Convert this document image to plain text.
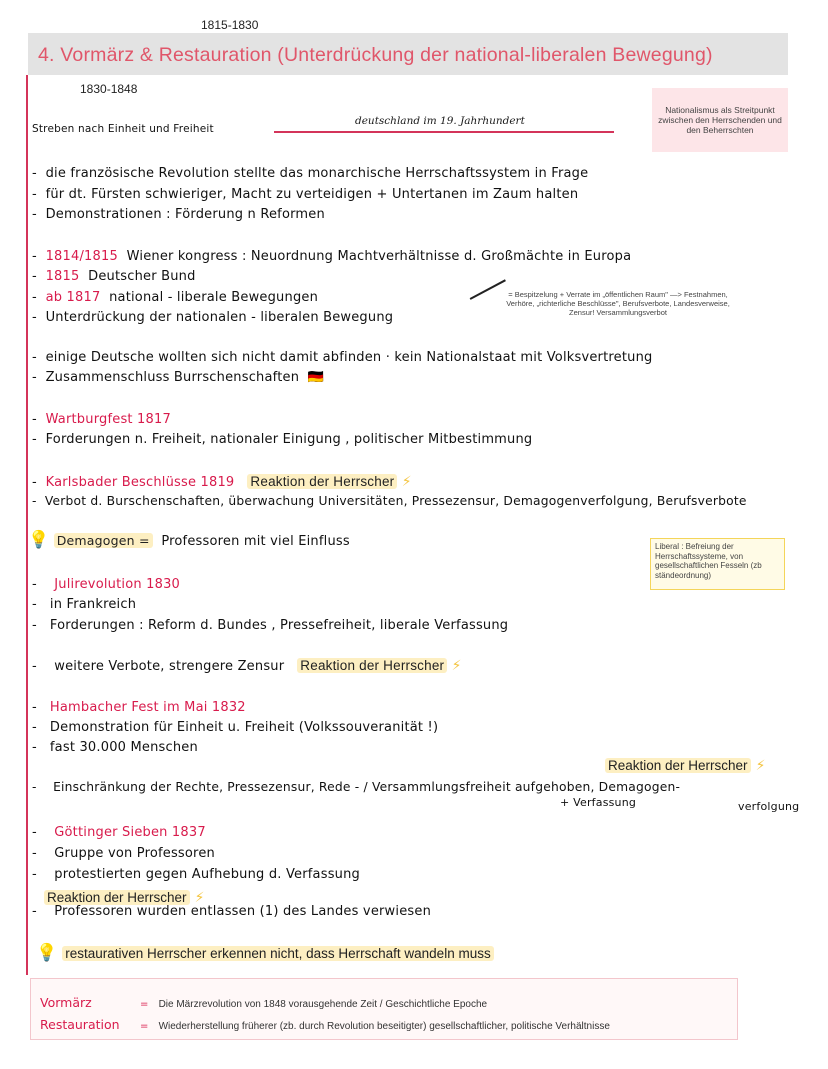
1815-1830
4. Vormärz & Restauration (Unterdrückung der national-liberalen Bewegung)
1830-1848
Streben nach Einheit und Freiheit
deutschland im 19. Jahrhundert
Nationalismus als Streitpunkt zwischen den Herrschenden und den Beherrschten
- die französische Revolution stellte das monarchische Herrschaftssystem in Frage
- für dt. Fürsten schwieriger, Macht zu verteidigen + Untertanen im Zaum halten
- Demonstrationen : Förderung n Reformen
- 1814/1815 Wiener kongress : Neuordnung Machtverhältnisse d. Großmächte in Europa
- 1815 Deutscher Bund
- ab 1817 national - liberale Bewegungen
- Unterdrückung der nationalen - liberalen Bewegung
= Bespitzelung + Verrate im „öffentlichen Raum" —> Festnahmen, Verhöre, „richterliche Beschlüsse", Berufsverbote, Landesverweise, Zensur! Versammlungsverbot
- einige Deutsche wollten sich nicht damit abfinden · kein Nationalstaat mit Volksvertretung
- Zusammenschluss Burrschenschaften 🇩🇪
- Wartburgfest 1817
- Forderungen n. Freiheit, nationaler Einigung , politischer Mitbestimmung
- Karlsbader Beschlüsse 1819 Reaktion der Herrscher ⚡
- Verbot d. Burschenschaften, überwachung Universitäten, Pressezensur, Demagogenverfolgung, Berufsverbote
💡 Demagogen = Professoren mit viel Einfluss	Liberal : Befreiung der Herrschaftssysteme, von gesellschaftlichen Fesseln (zb ständeordnung)
- Julirevolution 1830
- in Frankreich
- Forderungen : Reform d. Bundes , Pressefreiheit, liberale Verfassung
- weitere Verbote, strengere Zensur Reaktion der Herrscher ⚡
- Hambacher Fest im Mai 1832
- Demonstration für Einheit u. Freiheit (Volkssouveranität !)
- fast 30.000 Menschen
Reaktion der Herrscher ⚡
- Einschränkung der Rechte, Pressezensur, Rede - / Versammlungsfreiheit aufgehoben, Demagogen-
+ Verfassung	verfolgung
- Göttinger Sieben 1837
- Gruppe von Professoren
- protestierten gegen Aufhebung d. Verfassung
Reaktion der Herrscher ⚡
- Professoren wurden entlassen (1) des Landes verwiesen
💡 restaurativen Herrscher erkennen nicht, dass Herrschaft wandeln muss
Vormärz	= Die Märzrevolution von 1848 vorausgehende Zeit / Geschichtliche Epoche
Restauration = Wiederherstellung früherer (zb. durch Revolution beseitigter) gesellschaftlicher, politische Verhältnisse
